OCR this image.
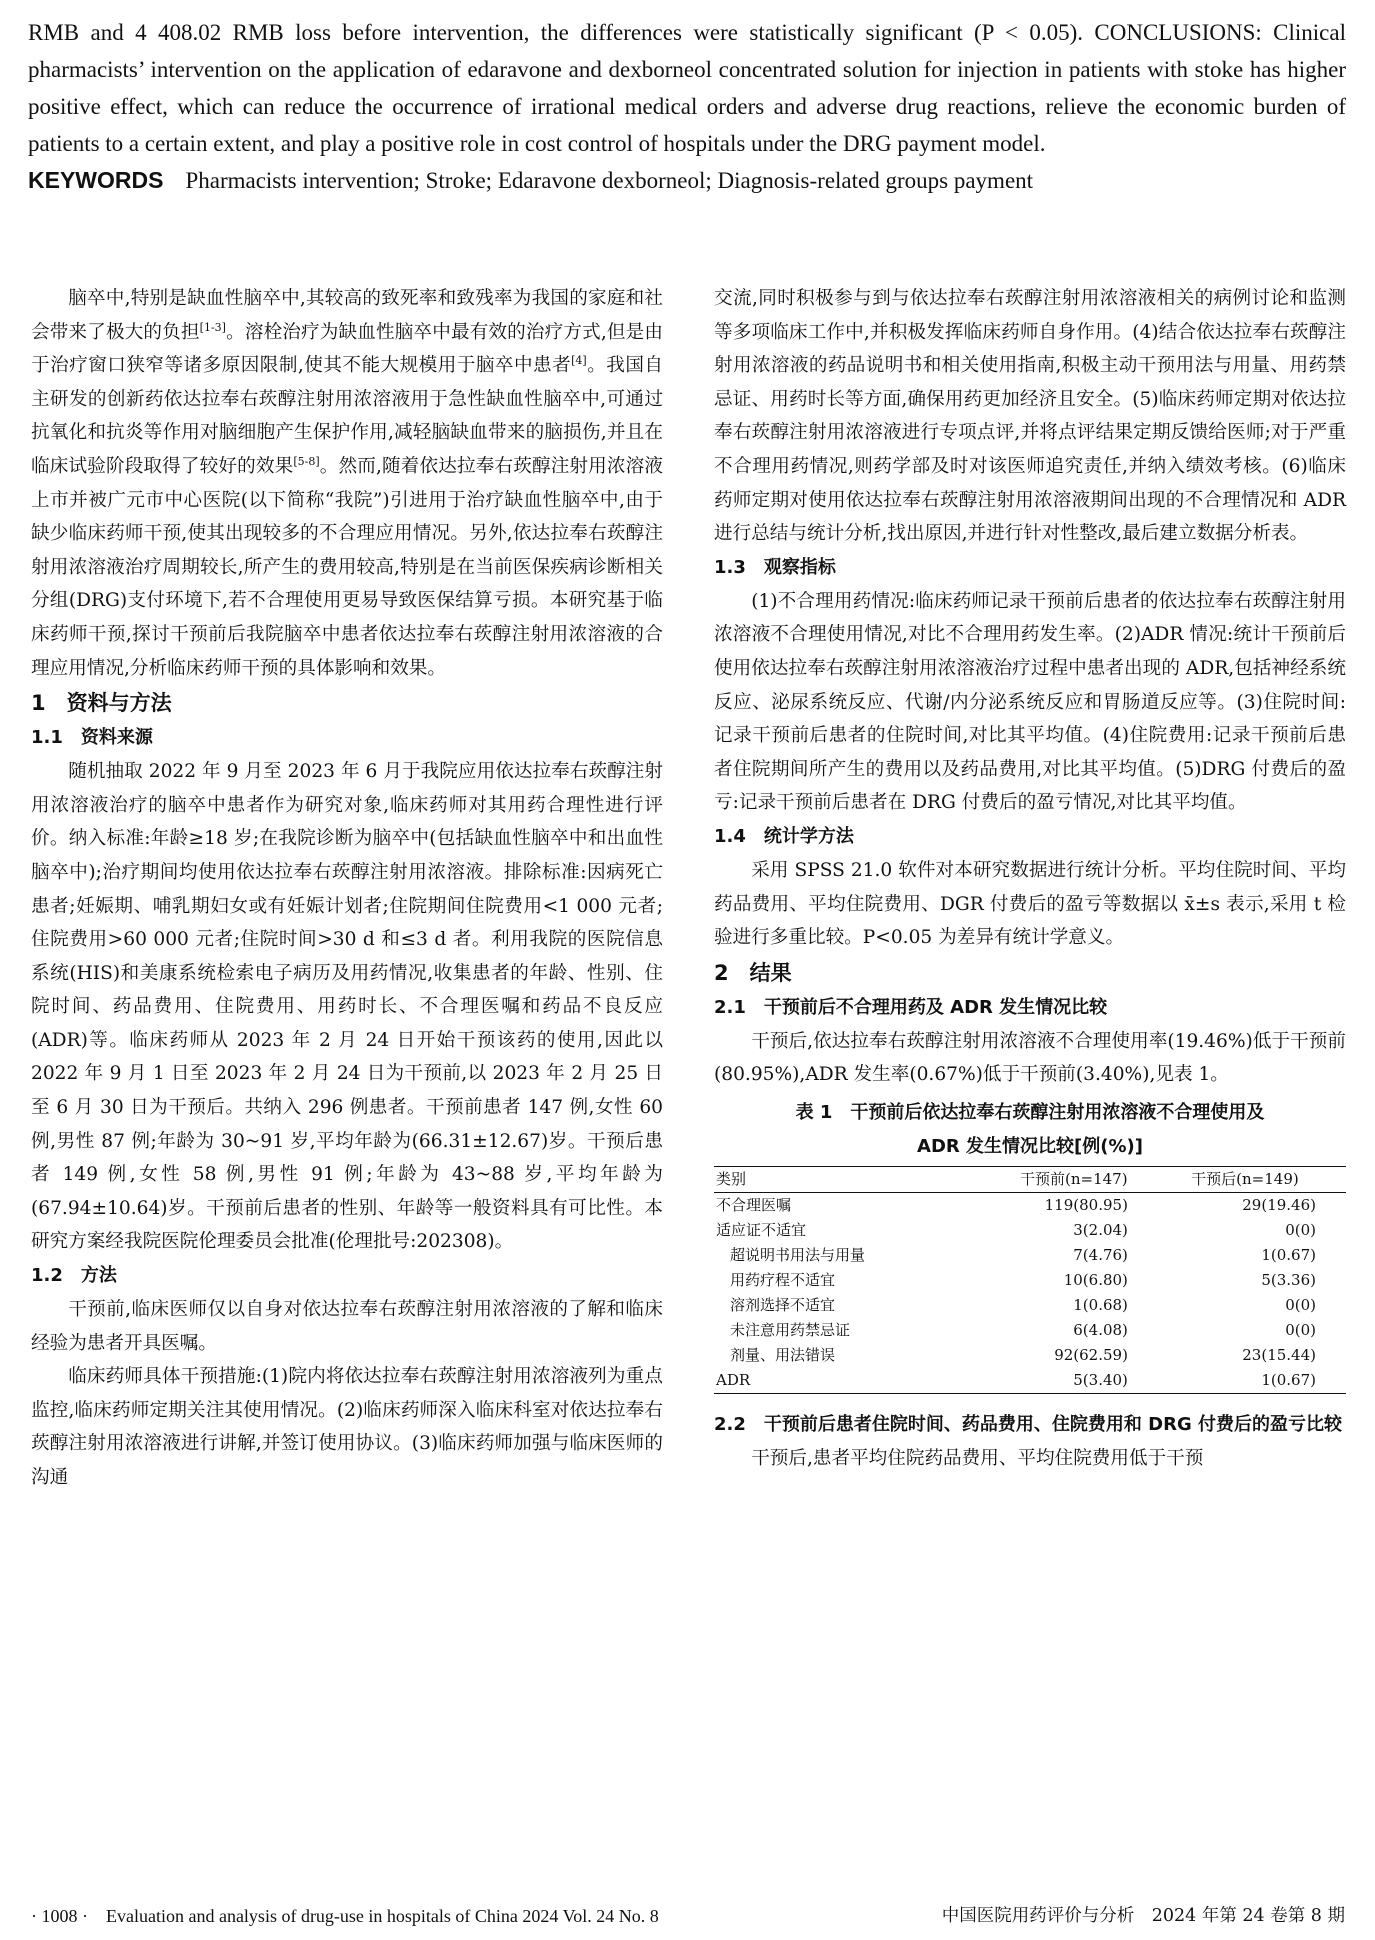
RMB and 4 408.02 RMB loss before intervention, the differences were statistically significant (P < 0.05). CONCLUSIONS: Clinical pharmacists’ intervention on the application of edaravone and dexborneol concentrated solution for injection in patients with stoke has higher positive effect, which can reduce the occurrence of irrational medical orders and adverse drug reactions, relieve the economic burden of patients to a certain extent, and play a positive role in cost control of hospitals under the DRG payment model.

KEYWORDS Pharmacists intervention; Stroke; Edaravone dexborneol; Diagnosis-related groups payment

脑卒中,特别是缺血性脑卒中,其较高的致死率和致残率为我国的家庭和社会带来了极大的负担[1-3]。溶栓治疗为缺血性脑卒中最有效的治疗方式,但是由于治疗窗口狭窄等诸多原因限制,使其不能大规模用于脑卒中患者[4]。我国自主研发的创新药依达拉奉右莰醇注射用浓溶液用于急性缺血性脑卒中,可通过抗氧化和抗炎等作用对脑细胞产生保护作用,减轻脑缺血带来的脑损伤,并且在临床试验阶段取得了较好的效果[5-8]。然而,随着依达拉奉右莰醇注射用浓溶液上市并被广元市中心医院(以下简称“我院”)引进用于治疗缺血性脑卒中,由于缺少临床药师干预,使其出现较多的不合理应用情况。另外,依达拉奉右莰醇注射用浓溶液治疗周期较长,所产生的费用较高,特别是在当前医保疾病诊断相关分组(DRG)支付环境下,若不合理使用更易导致医保结算亏损。本研究基于临床药师干预,探讨干预前后我院脑卒中患者依达拉奉右莰醇注射用浓溶液的合理应用情况,分析临床药师干预的具体影响和效果。

1　资料与方法
1.1　资料来源

随机抽取 2022 年 9 月至 2023 年 6 月于我院应用依达拉奉右莰醇注射用浓溶液治疗的脑卒中患者作为研究对象,临床药师对其用药合理性进行评价。纳入标准:年龄≥18 岁;在我院诊断为脑卒中(包括缺血性脑卒中和出血性脑卒中);治疗期间均使用依达拉奉右莰醇注射用浓溶液。排除标准:因病死亡患者;妊娠期、哺乳期妇女或有妊娠计划者;住院期间住院费用<1 000 元者;住院费用>60 000 元者;住院时间>30 d 和≤3 d 者。利用我院的医院信息系统(HIS)和美康系统检索电子病历及用药情况,收集患者的年龄、性别、住院时间、药品费用、住院费用、用药时长、不合理医嘱和药品不良反应(ADR)等。临床药师从 2023 年 2 月 24 日开始干预该药的使用,因此以 2022 年 9 月 1 日至 2023 年 2 月 24 日为干预前,以 2023 年 2 月 25 日至 6 月 30 日为干预后。共纳入 296 例患者。干预前患者 147 例,女性 60 例,男性 87 例;年龄为 30~91 岁,平均年龄为(66.31±12.67)岁。干预后患者 149 例,女性 58 例,男性 91 例;年龄为 43~88 岁,平均年龄为(67.94±10.64)岁。干预前后患者的性别、年龄等一般资料具有可比性。本研究方案经我院医院伦理委员会批准(伦理批号:202308)。

1.2　方法

干预前,临床医师仅以自身对依达拉奉右莰醇注射用浓溶液的了解和临床经验为患者开具医嘱。

临床药师具体干预措施:(1)院内将依达拉奉右莰醇注射用浓溶液列为重点监控,临床药师定期关注其使用情况。(2)临床药师深入临床科室对依达拉奉右莰醇注射用浓溶液进行讲解,并签订使用协议。(3)临床药师加强与临床医师的沟通

交流,同时积极参与到与依达拉奉右莰醇注射用浓溶液相关的病例讨论和监测等多项临床工作中,并积极发挥临床药师自身作用。(4)结合依达拉奉右莰醇注射用浓溶液的药品说明书和相关使用指南,积极主动干预用法与用量、用药禁忌证、用药时长等方面,确保用药更加经济且安全。(5)临床药师定期对依达拉奉右莰醇注射用浓溶液进行专项点评,并将点评结果定期反馈给医师;对于严重不合理用药情况,则药学部及时对该医师追究责任,并纳入绩效考核。(6)临床药师定期对使用依达拉奉右莰醇注射用浓溶液期间出现的不合理情况和 ADR 进行总结与统计分析,找出原因,并进行针对性整改,最后建立数据分析表。

1.3　观察指标

(1)不合理用药情况:临床药师记录干预前后患者的依达拉奉右莰醇注射用浓溶液不合理使用情况,对比不合理用药发生率。(2)ADR 情况:统计干预前后使用依达拉奉右莰醇注射用浓溶液治疗过程中患者出现的 ADR,包括神经系统反应、泌尿系统反应、代谢/内分泌系统反应和胃肠道反应等。(3)住院时间:记录干预前后患者的住院时间,对比其平均值。(4)住院费用:记录干预前后患者住院期间所产生的费用以及药品费用,对比其平均值。(5)DRG 付费后的盈亏:记录干预前后患者在 DRG 付费后的盈亏情况,对比其平均值。

1.4　统计学方法

采用 SPSS 21.0 软件对本研究数据进行统计分析。平均住院时间、平均药品费用、平均住院费用、DGR 付费后的盈亏等数据以 x̄±s 表示,采用 t 检验进行多重比较。P<0.05 为差异有统计学意义。

2　结果
2.1　干预前后不合理用药及 ADR 发生情况比较

干预后,依达拉奉右莰醇注射用浓溶液不合理使用率(19.46%)低于干预前(80.95%),ADR 发生率(0.67%)低于干预前(3.40%),见表 1。

表 1　干预前后依达拉奉右莰醇注射用浓溶液不合理使用及
ADR 发生情况比较[例(%)]
类别	干预前(n=147)	干预后(n=149)
不合理医嘱	119(80.95)	29(19.46)
适应证不适宜	3(2.04)	0(0)
超说明书用法与用量	7(4.76)	1(0.67)
用药疗程不适宜	10(6.80)	5(3.36)
溶剂选择不适宜	1(0.68)	0(0)
未注意用药禁忌证	6(4.08)	0(0)
剂量、用法错误	92(62.59)	23(15.44)
ADR	5(3.40)	1(0.67)
2.2　干预前后患者住院时间、药品费用、住院费用和 DRG 付费后的盈亏比较

干预后,患者平均住院药品费用、平均住院费用低于干预

· 1008 ·　Evaluation and analysis of drug-use in hospitals of China 2024 Vol. 24 No. 8	中国医院用药评价与分析　2024 年第 24 卷第 8 期
